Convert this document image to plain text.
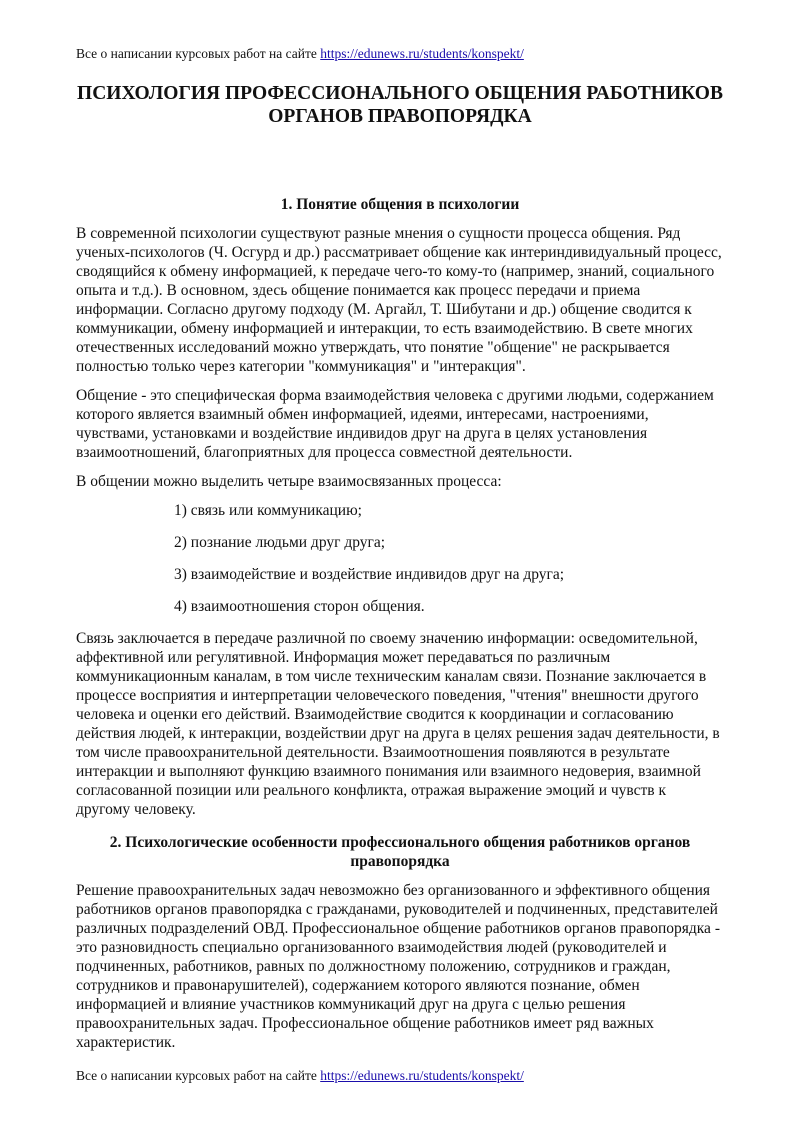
Все о написании курсовых работ на сайте https://edunews.ru/students/konspekt/
ПСИХОЛОГИЯ ПРОФЕССИОНАЛЬНОГО ОБЩЕНИЯ РАБОТНИКОВ ОРГАНОВ ПРАВОПОРЯДКА
1. Понятие общения в психологии

В современной психологии существуют разные мнения о сущности процесса общения. Ряд ученых-психологов (Ч. Осгурд и др.) рассматривает общение как интериндивидуальный процесс, сводящийся к обмену информацией, к передаче чего-то кому-то (например, знаний, социального опыта и т.д.). В основном, здесь общение понимается как процесс передачи и приема информации. Согласно другому подходу (М. Аргайл, Т. Шибутани и др.) общение сводится к коммуникации, обмену информацией и интеракции, то есть взаимодействию. В свете многих отечественных исследований можно утверждать, что понятие "общение" не раскрывается полностью только через категории "коммуникация" и "интеракция".

Общение - это специфическая форма взаимодействия человека с другими людьми, содержанием которого является взаимный обмен информацией, идеями, интересами, настроениями, чувствами, установками и воздействие индивидов друг на друга в целях установления взаимоотношений, благоприятных для процесса совместной деятельности.

В общении можно выделить четыре взаимосвязанных процесса:

1) связь или коммуникацию;

2) познание людьми друг друга;

3) взаимодействие и воздействие индивидов друг на друга;

4) взаимоотношения сторон общения.

Связь заключается в передаче различной по своему значению информации: осведомительной, аффективной или регулятивной. Информация может передаваться по различным коммуникационным каналам, в том числе техническим каналам связи. Познание заключается в процессе восприятия и интерпретации человеческого поведения, "чтения" внешности другого человека и оценки его действий. Взаимодействие сводится к координации и согласованию действия людей, к интеракции, воздействии друг на друга в целях решения задач деятельности, в том числе правоохранительной деятельности. Взаимоотношения появляются в результате интеракции и выполняют функцию взаимного понимания или взаимного недоверия, взаимной согласованной позиции или реального конфликта, отражая выражение эмоций и чувств к другому человеку.

2. Психологические особенности профессионального общения работников органов правопорядка

Решение правоохранительных задач невозможно без организованного и эффективного общения работников органов правопорядка с гражданами, руководителей и подчиненных, представителей различных подразделений ОВД. Профессиональное общение работников органов правопорядка - это разновидность специально организованного взаимодействия людей (руководителей и подчиненных, работников, равных по должностному положению, сотрудников и граждан, сотрудников и правонарушителей), содержанием которого являются познание, обмен информацией и влияние участников коммуникаций друг на друга с целью решения правоохранительных задач. Профессиональное общение работников имеет ряд важных характеристик.

Все о написании курсовых работ на сайте https://edunews.ru/students/konspekt/
